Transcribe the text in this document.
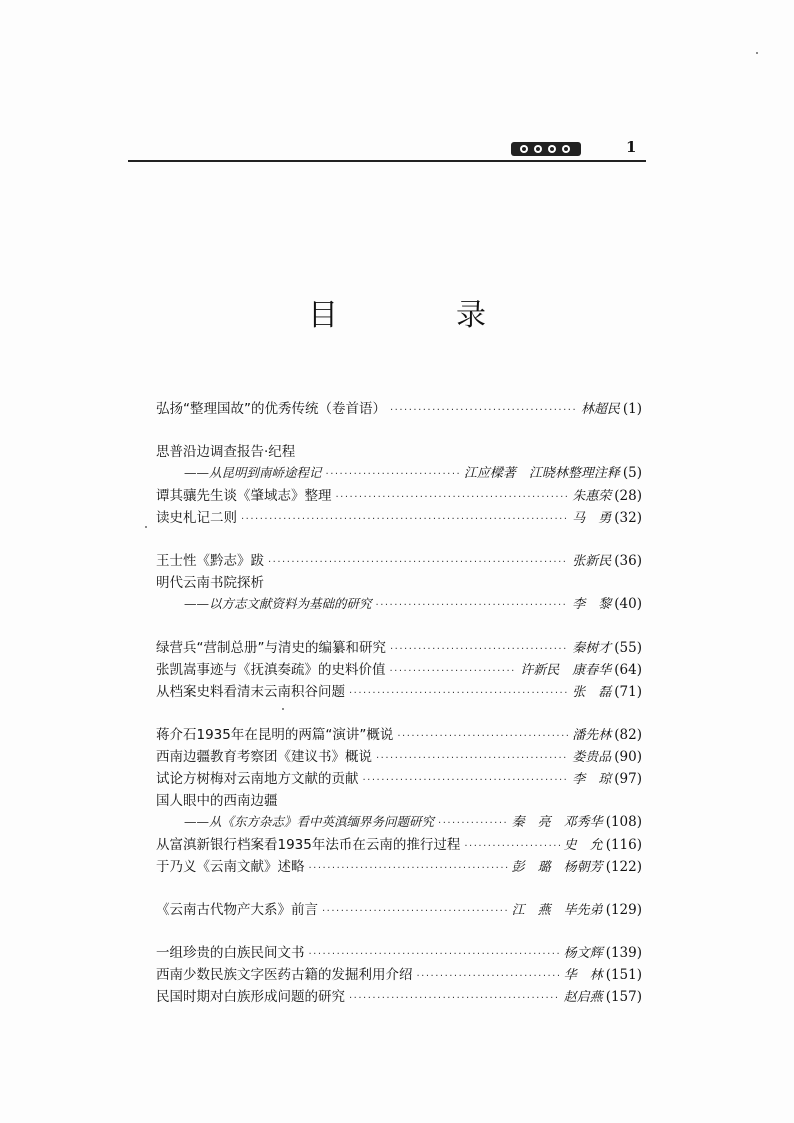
1
目　录
弘扬“整理国故”的优秀传统（卷首语） ·····	林超民 (1)
思普沿边调查报告·纪程
——从昆明到南峤途程记 ·····	江应樑著　江晓林整理注释 (5)
谭其骧先生谈《肇域志》整理 ·····	朱惠荣 (28)
读史札记二则 ·····	马　勇 (32)
王士性《黔志》跋 ·····	张新民 (36)
明代云南书院探析
——以方志文献资料为基础的研究 ·····	李　黎 (40)
绿营兵“营制总册”与清史的编纂和研究 ·····	秦树才 (55)
张凯嵩事迹与《抚滇奏疏》的史料价值 ·····	许新民　康春华 (64)
从档案史料看清末云南积谷问题 ·····	张　磊 (71)
蒋介石1935年在昆明的两篇“演讲”概说 ·····	潘先林 (82)
西南边疆教育考察团《建议书》概说 ·····	娄贵品 (90)
试论方树梅对云南地方文献的贡献 ·····	李　琼 (97)
国人眼中的西南边疆
——从《东方杂志》看中英滇缅界务问题研究 ·····	秦　亮　邓秀华 (108)
从富滇新银行档案看1935年法币在云南的推行过程 ·····	史　允 (116)
于乃义《云南文献》述略 ·····	彭　璐　杨朝芳 (122)
《云南古代物产大系》前言 ·····	江　燕　毕先弟 (129)
一组珍贵的白族民间文书 ·····	杨文辉 (139)
西南少数民族文字医药古籍的发掘利用介绍 ·····	华　林 (151)
民国时期对白族形成问题的研究 ·····	赵启燕 (157)
